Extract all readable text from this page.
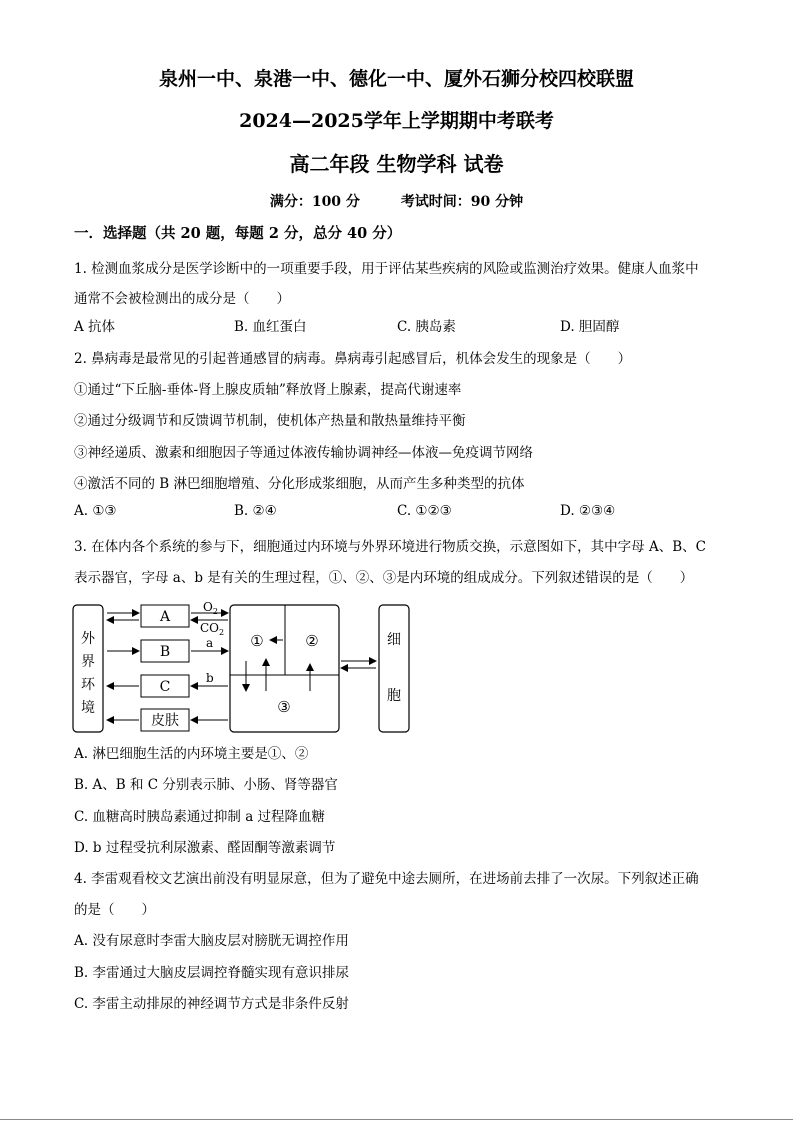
泉州一中、泉港一中、德化一中、厦外石狮分校四校联盟
2024—2025学年上学期期中考联考
高二年段 生物学科 试卷
满分：100 分	考试时间：90 分钟
一．选择题（共 20 题，每题 2 分，总分 40 分）
1. 检测血浆成分是医学诊断中的一项重要手段，用于评估某些疾病的风险或监测治疗效果。健康人血浆中
通常不会被检测出的成分是（　　）
A 抗体	B. 血红蛋白	C. 胰岛素	D. 胆固醇
2. 鼻病毒是最常见的引起普通感冒的病毒。鼻病毒引起感冒后，机体会发生的现象是（　　）
①通过“下丘脑-垂体-肾上腺皮质轴”释放肾上腺素，提高代谢速率
②通过分级调节和反馈调节机制，使机体产热量和散热量维持平衡
③神经递质、激素和细胞因子等通过体液传输协调神经—体液—免疫调节网络
④激活不同的 B 淋巴细胞增殖、分化形成浆细胞，从而产生多种类型的抗体
A. ①③	B. ②④	C. ①②③	D. ②③④
3. 在体内各个系统的参与下，细胞通过内环境与外界环境进行物质交换，示意图如下，其中字母 A、B、C
表示器官，字母 a、b 是有关的生理过程，①、②、③是内环境的组成成分。下列叙述错误的是（　　）
外
界
环
境
A
B
C
皮肤
$O_2$
$CO_2$
a
b
①	②
③
细
胞
A. 淋巴细胞生活的内环境主要是①、②
B. A、B 和 C 分别表示肺、小肠、肾等器官
C. 血糖高时胰岛素通过抑制 a 过程降血糖
D. b 过程受抗利尿激素、醛固酮等激素调节
4. 李雷观看校文艺演出前没有明显尿意，但为了避免中途去厕所，在进场前去排了一次尿。下列叙述正确
的是（　　）
A. 没有尿意时李雷大脑皮层对膀胱无调控作用
B. 李雷通过大脑皮层调控脊髓实现有意识排尿
C. 李雷主动排尿的神经调节方式是非条件反射
